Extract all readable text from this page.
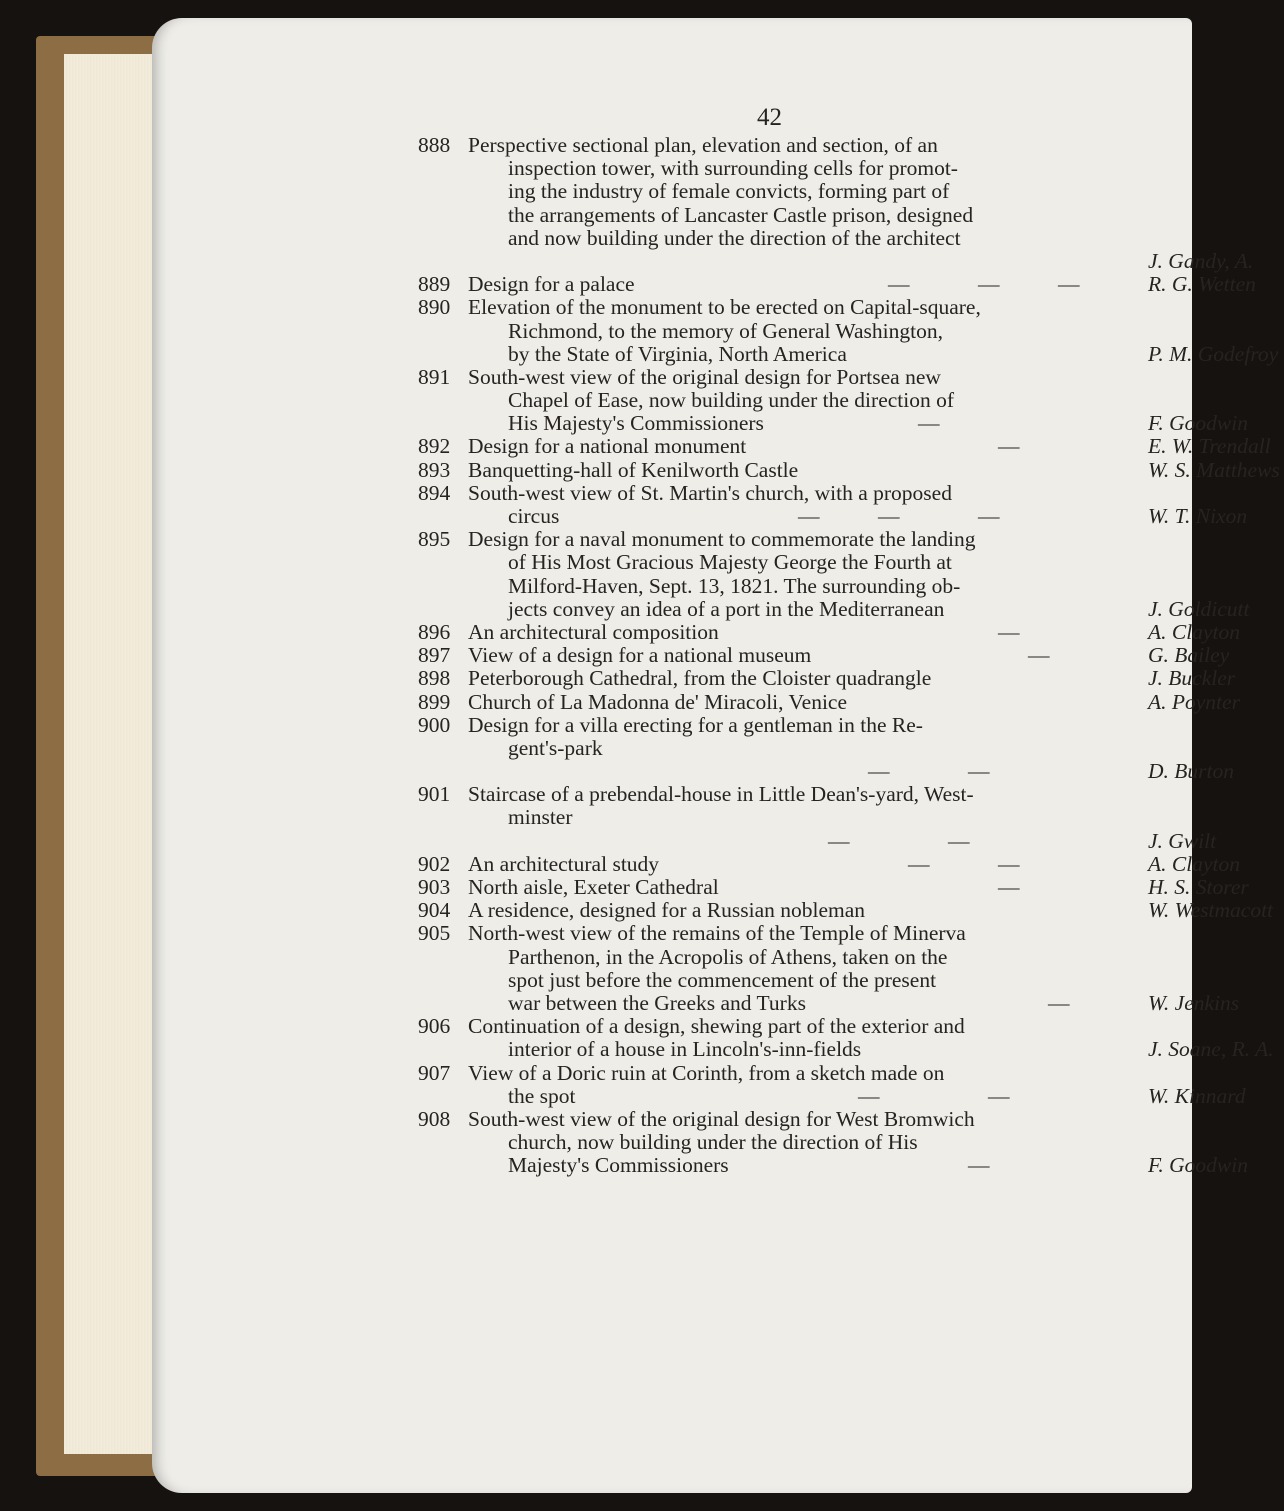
42
888 Perspective sectional plan, elevation and section, of an
inspection tower, with surrounding cells for promot-
ing the industry of female convicts, forming part of
the arrangements of Lancaster Castle prison, designed
and now building under the direction of the architect
J. Gandy, A.
889 Design for a palace	—	—	—	R. G. Wetten
890 Elevation of the monument to be erected on Capital-square,
Richmond, to the memory of General Washington,
by the State of Virginia, North America	P. M. Godefroy
891 South-west view of the original design for Portsea new
Chapel of Ease, now building under the direction of
His Majesty's Commissioners	—	F. Goodwin
892 Design for a national monument	—	E. W. Trendall
893 Banquetting-hall of Kenilworth Castle	W. S. Matthews
894 South-west view of St. Martin's church, with a proposed
circus	—	—	—	W. T. Nixon
895 Design for a naval monument to commemorate the landing
of His Most Gracious Majesty George the Fourth at
Milford-Haven, Sept. 13, 1821. The surrounding ob-
jects convey an idea of a port in the Mediterranean	J. Goldicutt
896 An architectural composition	—	A. Clayton
897 View of a design for a national museum	—	G. Bailey
898 Peterborough Cathedral, from the Cloister quadrangle	J. Buckler
899 Church of La Madonna de' Miracoli, Venice	A. Poynter
900 Design for a villa erecting for a gentleman in the Re-
gent's-park
—	—	D. Burton
901 Staircase of a prebendal-house in Little Dean's-yard, West-
minster
—	—	J. Gwilt
902 An architectural study	—	—	A. Clayton
903 North aisle, Exeter Cathedral	—	H. S. Storer
904 A residence, designed for a Russian nobleman	W. Westmacott
905 North-west view of the remains of the Temple of Minerva
Parthenon, in the Acropolis of Athens, taken on the
spot just before the commencement of the present
war between the Greeks and Turks	—	W. Jenkins
906 Continuation of a design, shewing part of the exterior and
interior of a house in Lincoln's-inn-fields	J. Soane, R. A.
907 View of a Doric ruin at Corinth, from a sketch made on
the spot	—	—	W. Kinnard
908 South-west view of the original design for West Bromwich
church, now building under the direction of His
Majesty's Commissioners	—	F. Goodwin
